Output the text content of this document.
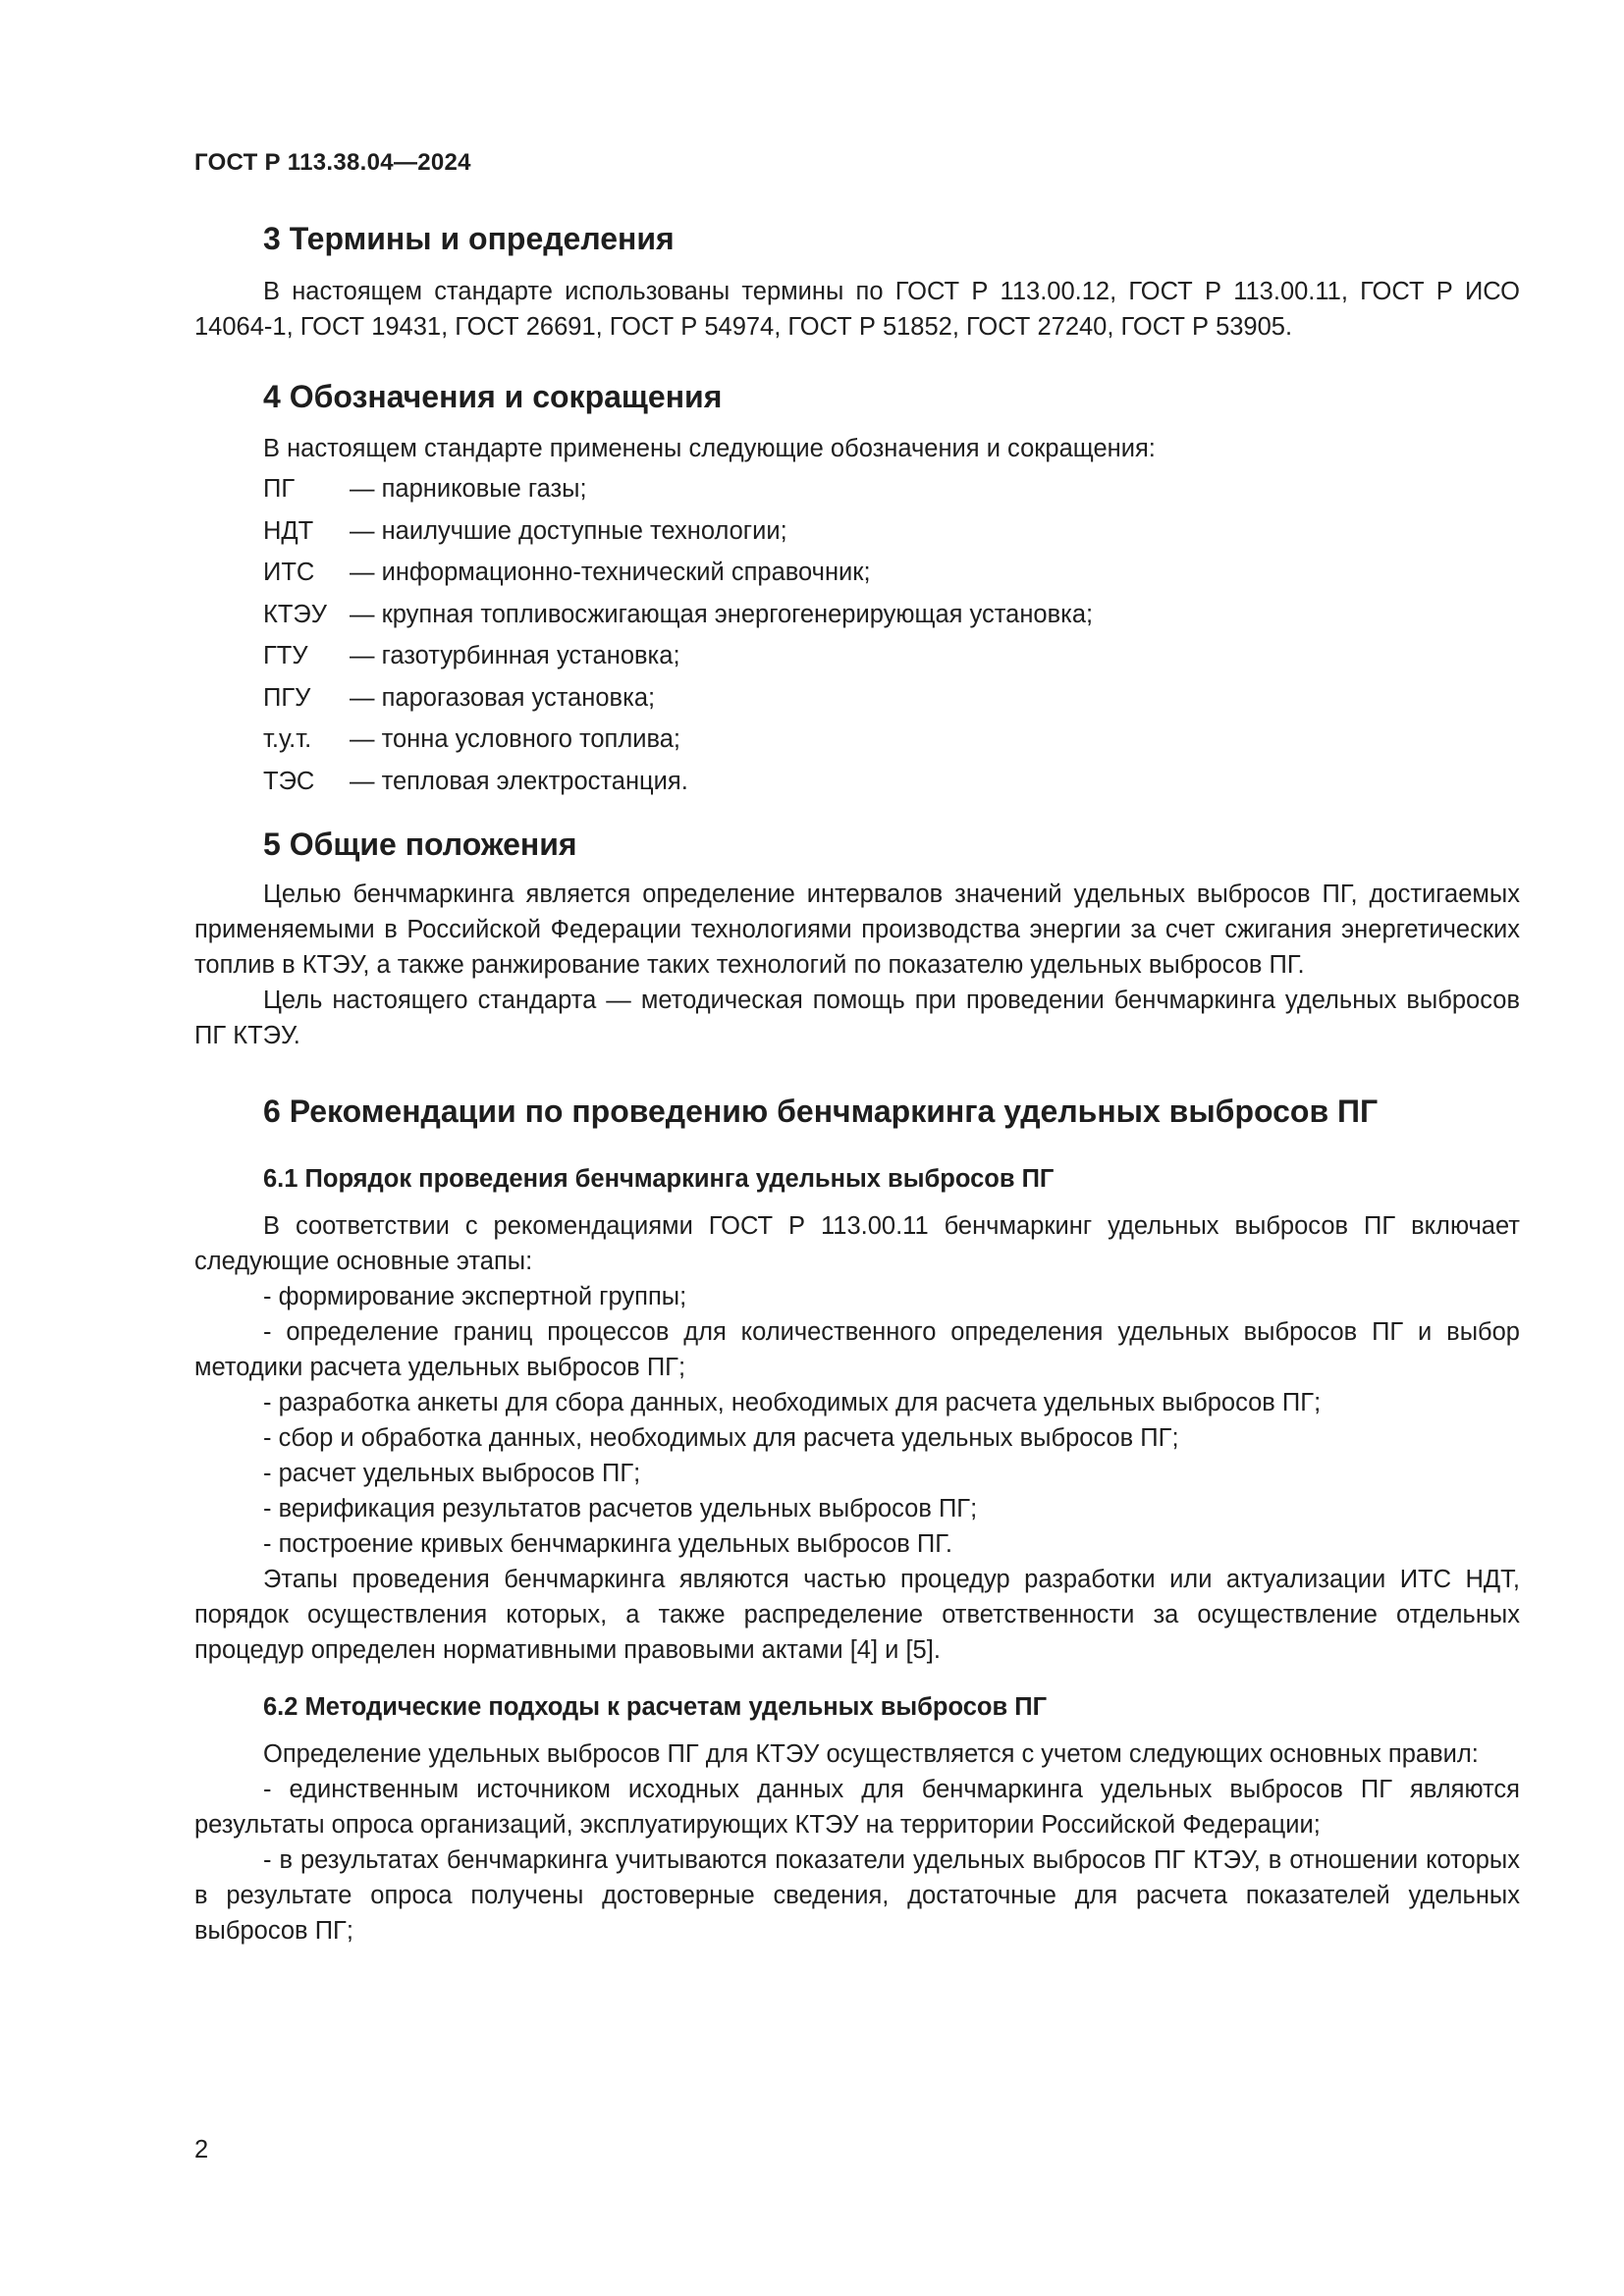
ГОСТ Р 113.38.04—2024
3 Термины и определения

В настоящем стандарте использованы термины по ГОСТ Р 113.00.12, ГОСТ Р 113.00.11, ГОСТ Р ИСО 14064-1, ГОСТ 19431, ГОСТ 26691, ГОСТ Р 54974, ГОСТ Р 51852, ГОСТ 27240, ГОСТ Р 53905.

4 Обозначения и сокращения

В настоящем стандарте применены следующие обозначения и сокращения:

ПГ	— парниковые газы;
НДТ	— наилучшие доступные технологии;
ИТС	— информационно-технический справочник;
КТЭУ — крупная топливосжигающая энергогенерирующая установка;
ГТУ	— газотурбинная установка;
ПГУ	— парогазовая установка;
т.у.т.	— тонна условного топлива;
ТЭС	— тепловая электростанция.
5 Общие положения

Целью бенчмаркинга является определение интервалов значений удельных выбросов ПГ, достигаемых применяемыми в Российской Федерации технологиями производства энергии за счет сжигания энергетических топлив в КТЭУ, а также ранжирование таких технологий по показателю удельных выбросов ПГ.

Цель настоящего стандарта — методическая помощь при проведении бенчмаркинга удельных выбросов ПГ КТЭУ.

6 Рекомендации по проведению бенчмаркинга удельных выбросов ПГ
6.1 Порядок проведения бенчмаркинга удельных выбросов ПГ

В соответствии с рекомендациями ГОСТ Р 113.00.11 бенчмаркинг удельных выбросов ПГ включает следующие основные этапы:

- формирование экспертной группы;

- определение границ процессов для количественного определения удельных выбросов ПГ и выбор методики расчета удельных выбросов ПГ;

- разработка анкеты для сбора данных, необходимых для расчета удельных выбросов ПГ;

- сбор и обработка данных, необходимых для расчета удельных выбросов ПГ;

- расчет удельных выбросов ПГ;

- верификация результатов расчетов удельных выбросов ПГ;

- построение кривых бенчмаркинга удельных выбросов ПГ.

Этапы проведения бенчмаркинга являются частью процедур разработки или актуализации ИТС НДТ, порядок осуществления которых, а также распределение ответственности за осуществление отдельных процедур определен нормативными правовыми актами [4] и [5].

6.2 Методические подходы к расчетам удельных выбросов ПГ

Определение удельных выбросов ПГ для КТЭУ осуществляется с учетом следующих основных правил:

- единственным источником исходных данных для бенчмаркинга удельных выбросов ПГ являются результаты опроса организаций, эксплуатирующих КТЭУ на территории Российской Федерации;

- в результатах бенчмаркинга учитываются показатели удельных выбросов ПГ КТЭУ, в отношении которых в результате опроса получены достоверные сведения, достаточные для расчета показателей удельных выбросов ПГ;

2
